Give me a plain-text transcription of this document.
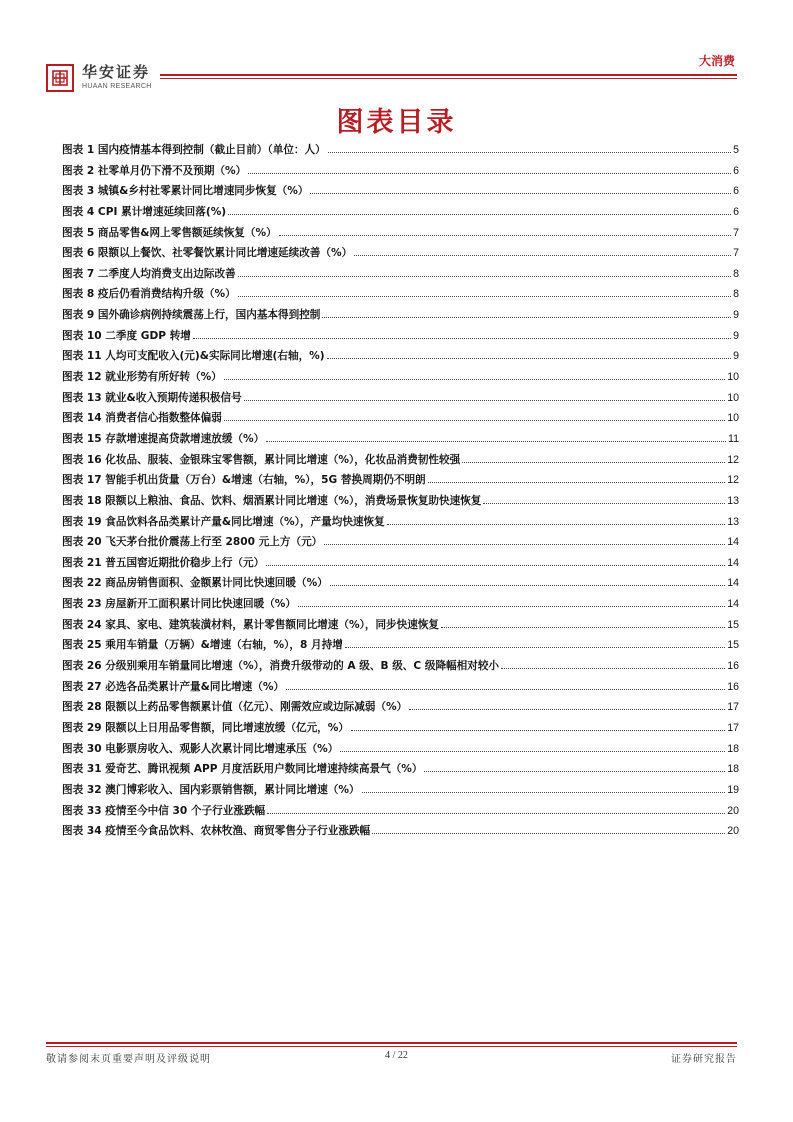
华安证券
HUAAN RESEARCH
大消费
图表目录
图表 1 国内疫情基本得到控制（截止目前）（单位：人）	5
图表 2 社零单月仍下滑不及预期（%）	6
图表 3 城镇&乡村社零累计同比增速同步恢复（%）	6
图表 4 CPI 累计增速延续回落(%)	6
图表 5 商品零售&网上零售额延续恢复（%）	7
图表 6 限额以上餐饮、社零餐饮累计同比增速延续改善（%）	7
图表 7 二季度人均消费支出边际改善	8
图表 8 疫后仍看消费结构升级（%）	8
图表 9 国外确诊病例持续震荡上行，国内基本得到控制	9
图表 10 二季度 GDP 转增	9
图表 11 人均可支配收入(元)&实际同比增速(右轴，%)	9
图表 12 就业形势有所好转（%）	10
图表 13 就业&收入预期传递积极信号	10
图表 14 消费者信心指数整体偏弱	10
图表 15 存款增速提高贷款增速放缓（%）	11
图表 16 化妆品、服装、金银珠宝零售额，累计同比增速（%），化妆品消费韧性较强	12
图表 17 智能手机出货量（万台）&增速（右轴，%），5G 替换周期仍不明朗	12
图表 18 限额以上粮油、食品、饮料、烟酒累计同比增速（%），消费场景恢复助快速恢复	13
图表 19 食品饮料各品类累计产量&同比增速（%），产量均快速恢复	13
图表 20 飞天茅台批价震荡上行至 2800 元上方（元）	14
图表 21 普五国窖近期批价稳步上行（元）	14
图表 22 商品房销售面积、金额累计同比快速回暖（%）	14
图表 23 房屋新开工面积累计同比快速回暖（%）	14
图表 24 家具、家电、建筑装潢材料，累计零售额同比增速（%），同步快速恢复	15
图表 25 乘用车销量（万辆）&增速（右轴，%），8 月持增	15
图表 26 分级别乘用车销量同比增速（%），消费升级带动的 A 级、B 级、C 级降幅相对较小	16
图表 27 必选各品类累计产量&同比增速（%）	16
图表 28 限额以上药品零售额累计值（亿元）、刚需效应或边际减弱（%）	17
图表 29 限额以上日用品零售额，同比增速放缓（亿元，%）	17
图表 30 电影票房收入、观影人次累计同比增速承压（%）	18
图表 31 爱奇艺、腾讯视频 APP 月度活跃用户数同比增速持续高景气（%）	18
图表 32 澳门博彩收入、国内彩票销售额，累计同比增速（%）	19
图表 33 疫情至今中信 30 个子行业涨跌幅	20
图表 34 疫情至今食品饮料、农林牧渔、商贸零售分子行业涨跌幅	20
敬请参阅末页重要声明及评级说明	4 / 22	证券研究报告
